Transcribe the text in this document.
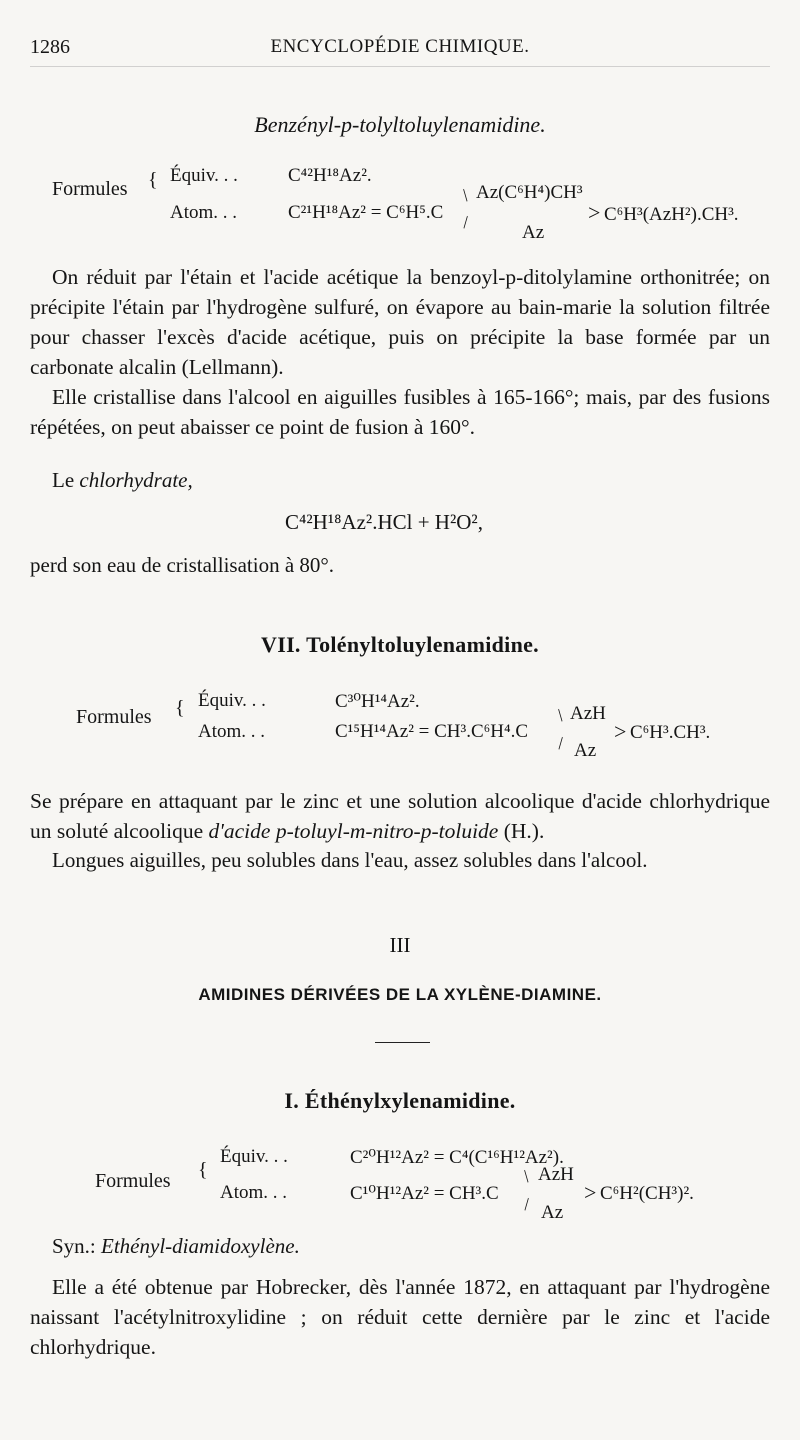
1286	ENCYCLOPÉDIE CHIMIQUE.
Benzényl-p-tolyltoluylenamidine.
Formules { Équiv. . .	C⁴²H¹⁸Az².
Atom. . .	C²¹H¹⁸Az² = C⁶H⁵.C
/
\
Az(C⁶H⁴)CH³
Az
> C⁶H³(AzH²).CH³.
On réduit par l'étain et l'acide acétique la benzoyl-p-ditolylamine orthonitrée; on précipite l'étain par l'hydrogène sulfuré, on évapore au bain-marie la solution filtrée pour chasser l'excès d'acide acétique, puis on précipite la base formée par un carbonate alcalin (Lellmann).
Elle cristallise dans l'alcool en aiguilles fusibles à 165-166°; mais, par des fusions répétées, on peut abaisser ce point de fusion à 160°.
Le chlorhydrate,
C⁴²H¹⁸Az².HCl + H²O²,
perd son eau de cristallisation à 80°.
VII. Tolényltoluylenamidine.
Formules { Équiv. . .	C³⁰H¹⁴Az².
Atom. . .	C¹⁵H¹⁴Az² = CH³.C⁶H⁴.C
/
\
AzH
Az
> C⁶H³.CH³.
Se prépare en attaquant par le zinc et une solution alcoolique d'acide chlorhydrique un soluté alcoolique d'acide p-toluyl-m-nitro-p-toluide (H.).
Longues aiguilles, peu solubles dans l'eau, assez solubles dans l'alcool.
III
AMIDINES DÉRIVÉES DE LA XYLÈNE-DIAMINE.
I. Éthénylxylenamidine.
Formules {
Équiv. . .	C²⁰H¹²Az² = C⁴(C¹⁶H¹²Az²).
Atom. . .	C¹⁰H¹²Az² = CH³.C
/
\
AzH
Az
> C⁶H²(CH³)².
Syn.: Ethényl-diamidoxylène.
Elle a été obtenue par Hobrecker, dès l'année 1872, en attaquant par l'hydrogène naissant l'acétylnitroxylidine ; on réduit cette dernière par le zinc et l'acide chlorhydrique.
